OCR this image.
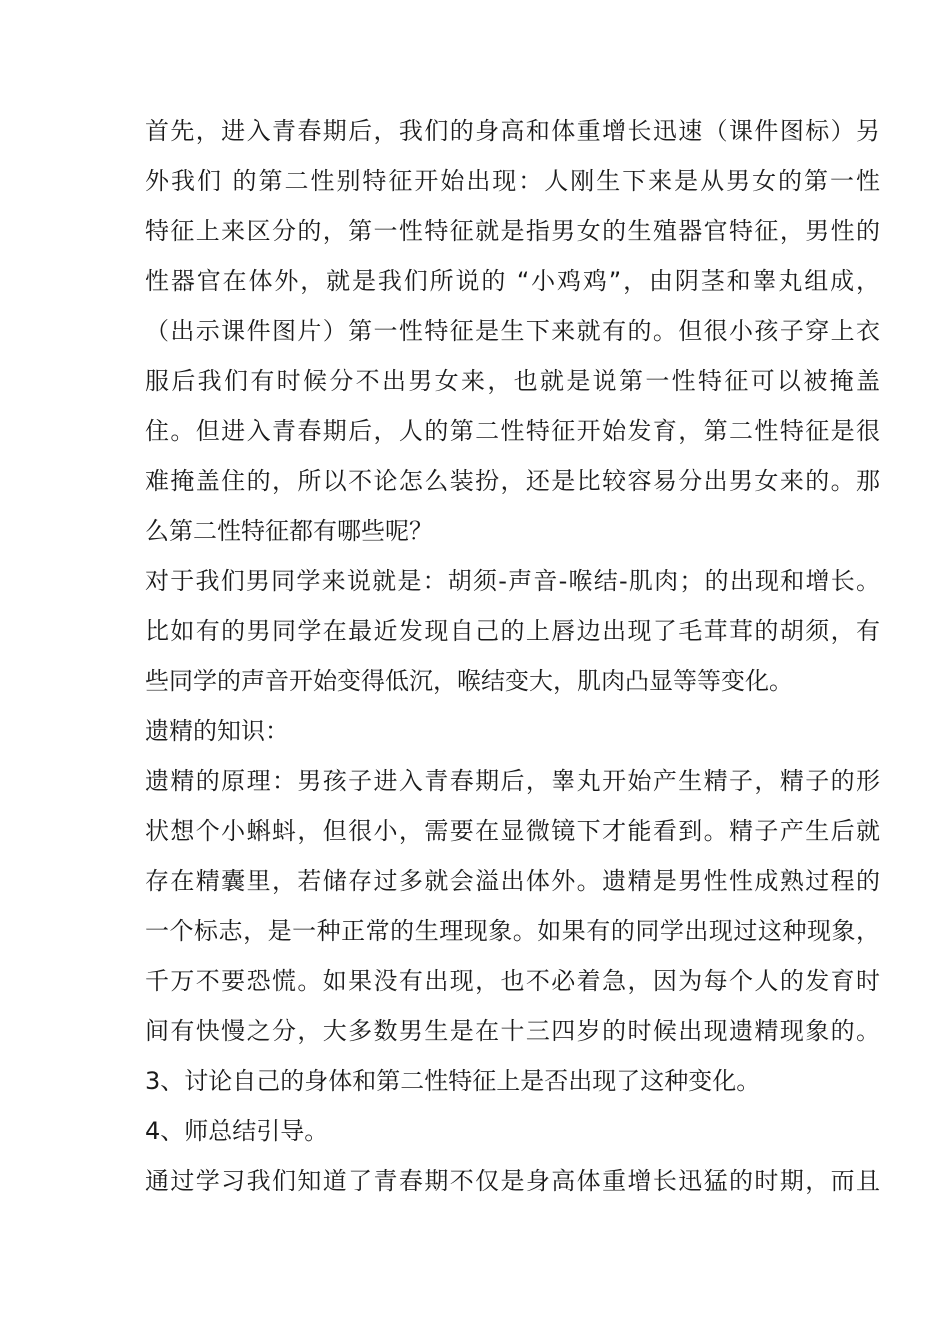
首先，进入青春期后，我们的身高和体重增长迅速（课件图标）另
外我们 的第二性别特征开始出现：人刚生下来是从男女的第一性
特征上来区分的，第一性特征就是指男女的生殖器官特征，男性的
性器官在体外，就是我们所说的 “小鸡鸡”，由阴茎和睾丸组成，
（出示课件图片）第一性特征是生下来就有的。但很小孩子穿上衣
服后我们有时候分不出男女来，也就是说第一性特征可以被掩盖
住。但进入青春期后，人的第二性特征开始发育，第二性特征是很
难掩盖住的，所以不论怎么装扮，还是比较容易分出男女来的。那
么第二性特征都有哪些呢？
对于我们男同学来说就是：胡须-声音-喉结-肌肉；的出现和增长。
比如有的男同学在最近发现自己的上唇边出现了毛茸茸的胡须，有
些同学的声音开始变得低沉，喉结变大，肌肉凸显等等变化。
遗精的知识：
遗精的原理：男孩子进入青春期后，睾丸开始产生精子，精子的形
状想个小蝌蚪，但很小，需要在显微镜下才能看到。精子产生后就
存在精囊里，若储存过多就会溢出体外。遗精是男性性成熟过程的
一个标志，是一种正常的生理现象。如果有的同学出现过这种现象，
千万不要恐慌。如果没有出现，也不必着急，因为每个人的发育时
间有快慢之分，大多数男生是在十三四岁的时候出现遗精现象的。
3、讨论自己的身体和第二性特征上是否出现了这种变化。
4、师总结引导。
通过学习我们知道了青春期不仅是身高体重增长迅猛的时期，而且
